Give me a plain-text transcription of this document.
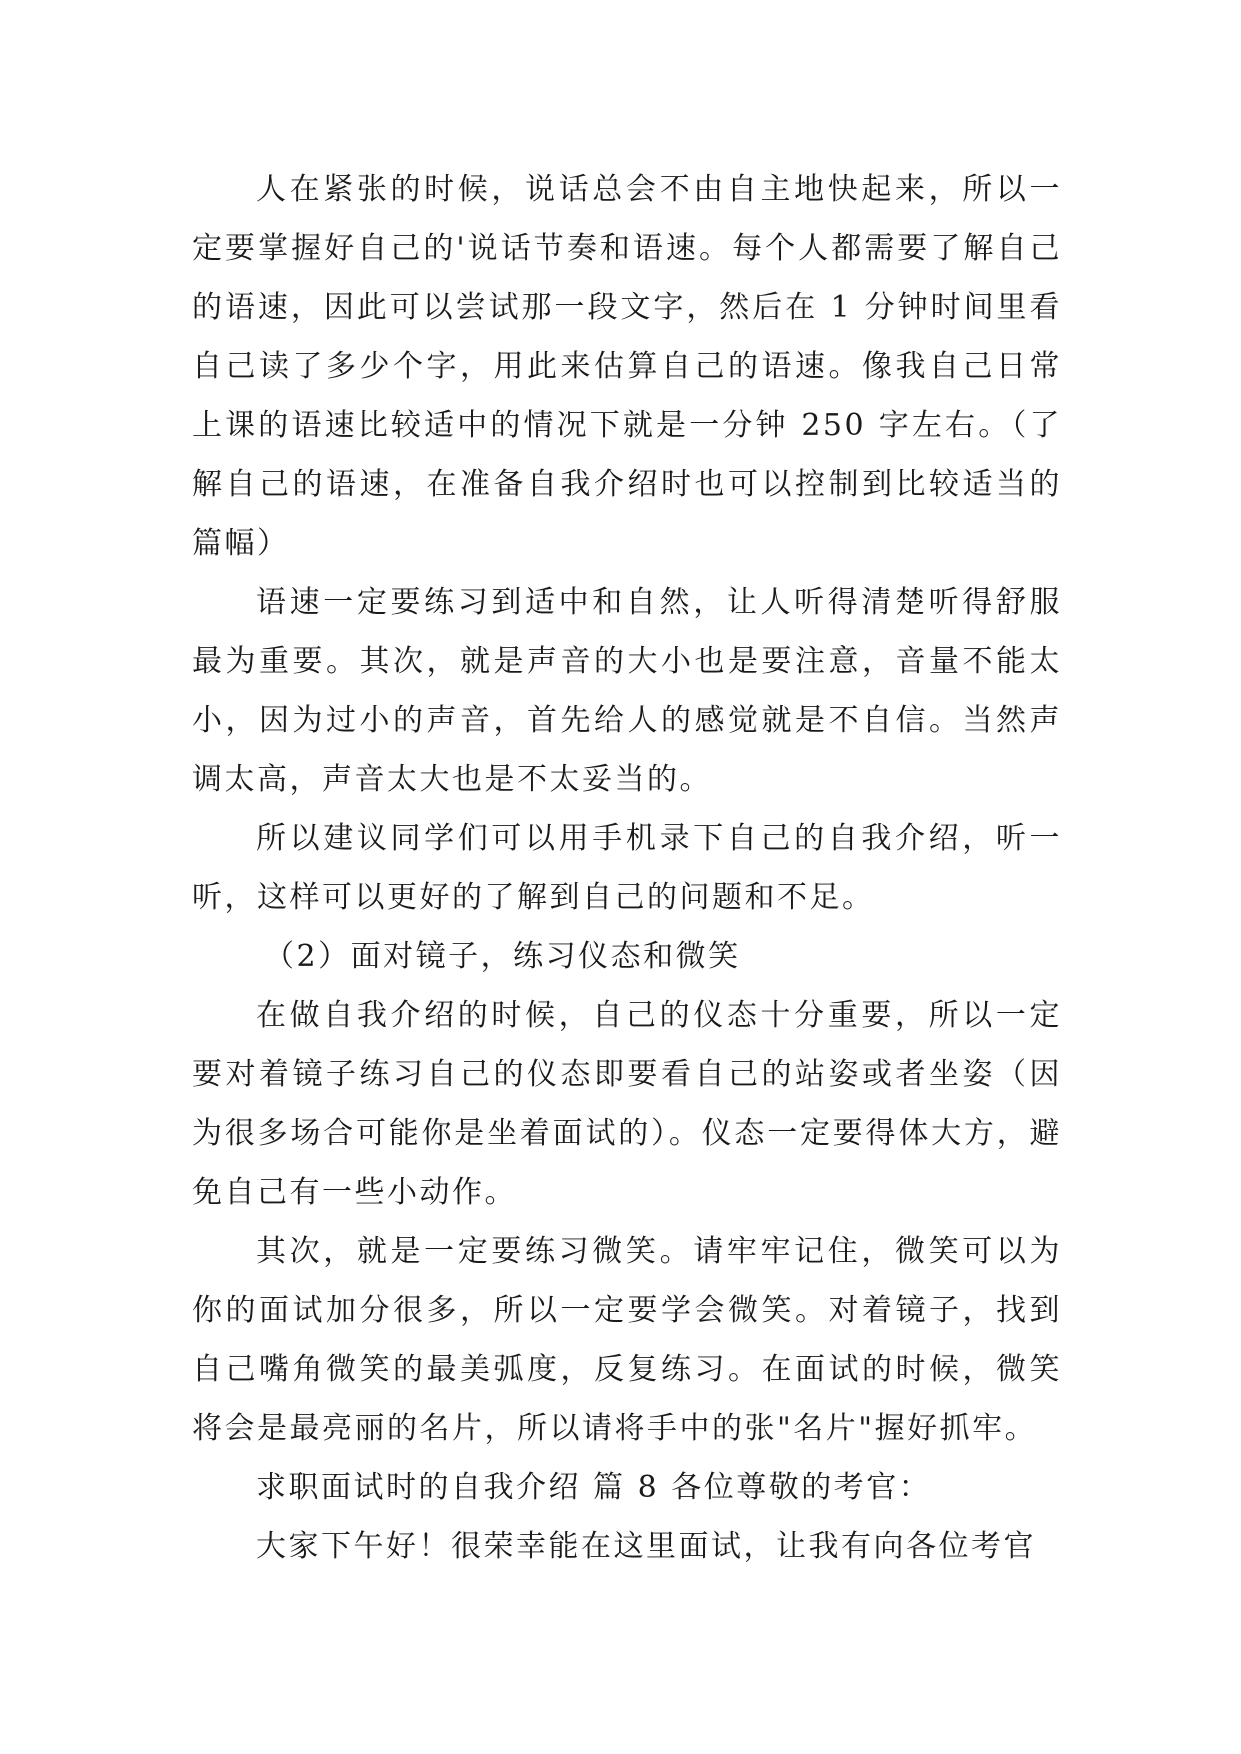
人在紧张的时候，说话总会不由自主地快起来，所以一定要掌握好自己的'说话节奏和语速。每个人都需要了解自己的语速，因此可以尝试那一段文字，然后在 1 分钟时间里看自己读了多少个字，用此来估算自己的语速。像我自己日常上课的语速比较适中的情况下就是一分钟 250 字左右。（了解自己的语速，在准备自我介绍时也可以控制到比较适当的篇幅）

语速一定要练习到适中和自然，让人听得清楚听得舒服最为重要。其次，就是声音的大小也是要注意，音量不能太小，因为过小的声音，首先给人的感觉就是不自信。当然声调太高，声音太大也是不太妥当的。

所以建议同学们可以用手机录下自己的自我介绍，听一听，这样可以更好的了解到自己的问题和不足。

（2）面对镜子，练习仪态和微笑

在做自我介绍的时候，自己的仪态十分重要，所以一定要对着镜子练习自己的仪态即要看自己的站姿或者坐姿（因为很多场合可能你是坐着面试的）。仪态一定要得体大方，避免自己有一些小动作。

其次，就是一定要练习微笑。请牢牢记住，微笑可以为你的面试加分很多，所以一定要学会微笑。对着镜子，找到自己嘴角微笑的最美弧度，反复练习。在面试的时候，微笑将会是最亮丽的名片，所以请将手中的张"名片"握好抓牢。

求职面试时的自我介绍 篇 8 各位尊敬的考官：

大家下午好！很荣幸能在这里面试，让我有向各位考官
